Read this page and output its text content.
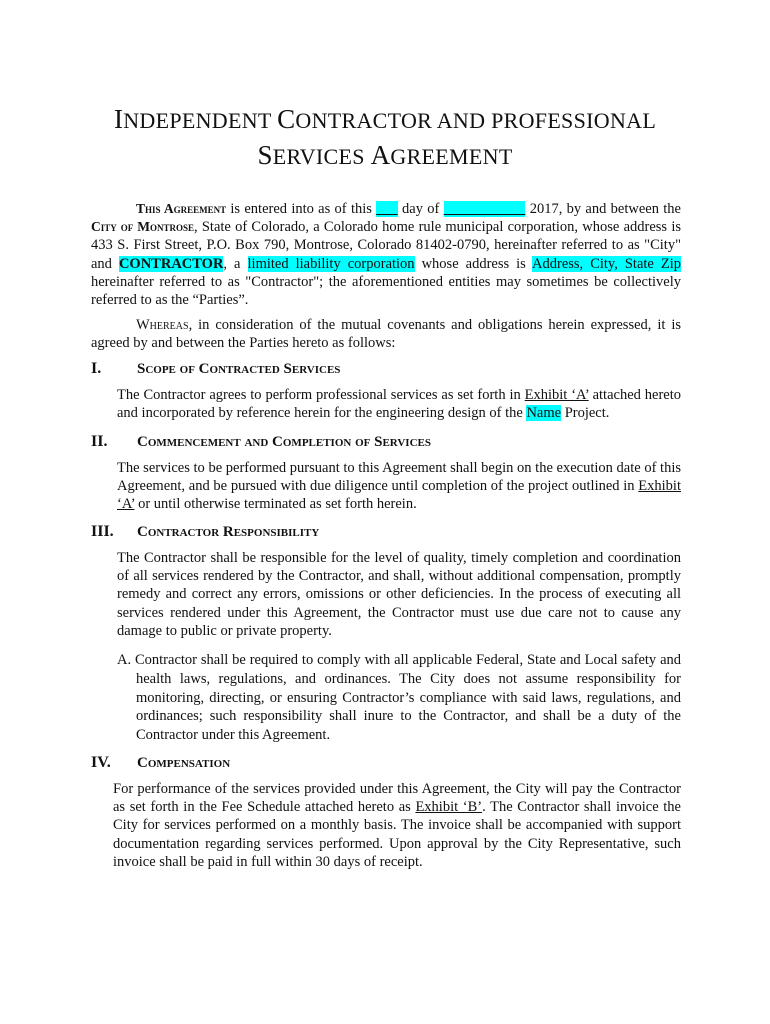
INDEPENDENT CONTRACTOR AND PROFESSIONAL
SERVICES AGREEMENT
This Agreement is entered into as of this       day of	2017, by and between the City of Montrose, State of Colorado, a Colorado home rule municipal corporation, whose address is 433 S. First Street, P.O. Box 790, Montrose, Colorado 81402-0790, hereinafter referred to as "City" and CONTRACTOR, a limited liability corporation whose address is Address, City, State Zip hereinafter referred to as "Contractor"; the aforementioned entities may sometimes be collectively referred to as the “Parties”.
Whereas, in consideration of the mutual covenants and obligations herein expressed, it is agreed by and between the Parties hereto as follows:
I. Scope of Contracted Services
The Contractor agrees to perform professional services as set forth in Exhibit ‘A’ attached hereto and incorporated by reference herein for the engineering design of the Name Project.
II. Commencement and Completion of Services
The services to be performed pursuant to this Agreement shall begin on the execution date of this Agreement, and be pursued with due diligence until completion of the project outlined in Exhibit ‘A’ or until otherwise terminated as set forth herein.
III. Contractor Responsibility
The Contractor shall be responsible for the level of quality, timely completion and coordination of all services rendered by the Contractor, and shall, without additional compensation, promptly remedy and correct any errors, omissions or other deficiencies. In the process of executing all services rendered under this Agreement, the Contractor must use due care not to cause any damage to public or private property.
A. Contractor shall be required to comply with all applicable Federal, State and Local safety and health laws, regulations, and ordinances. The City does not assume responsibility for monitoring, directing, or ensuring Contractor’s compliance with said laws, regulations, and ordinances; such responsibility shall inure to the Contractor, and shall be a duty of the Contractor under this Agreement.
IV. Compensation
For performance of the services provided under this Agreement, the City will pay the Contractor as set forth in the Fee Schedule attached hereto as Exhibit ‘B’. The Contractor shall invoice the City for services performed on a monthly basis. The invoice shall be accompanied with support documentation regarding services performed. Upon approval by the City Representative, such invoice shall be paid in full within 30 days of receipt.
